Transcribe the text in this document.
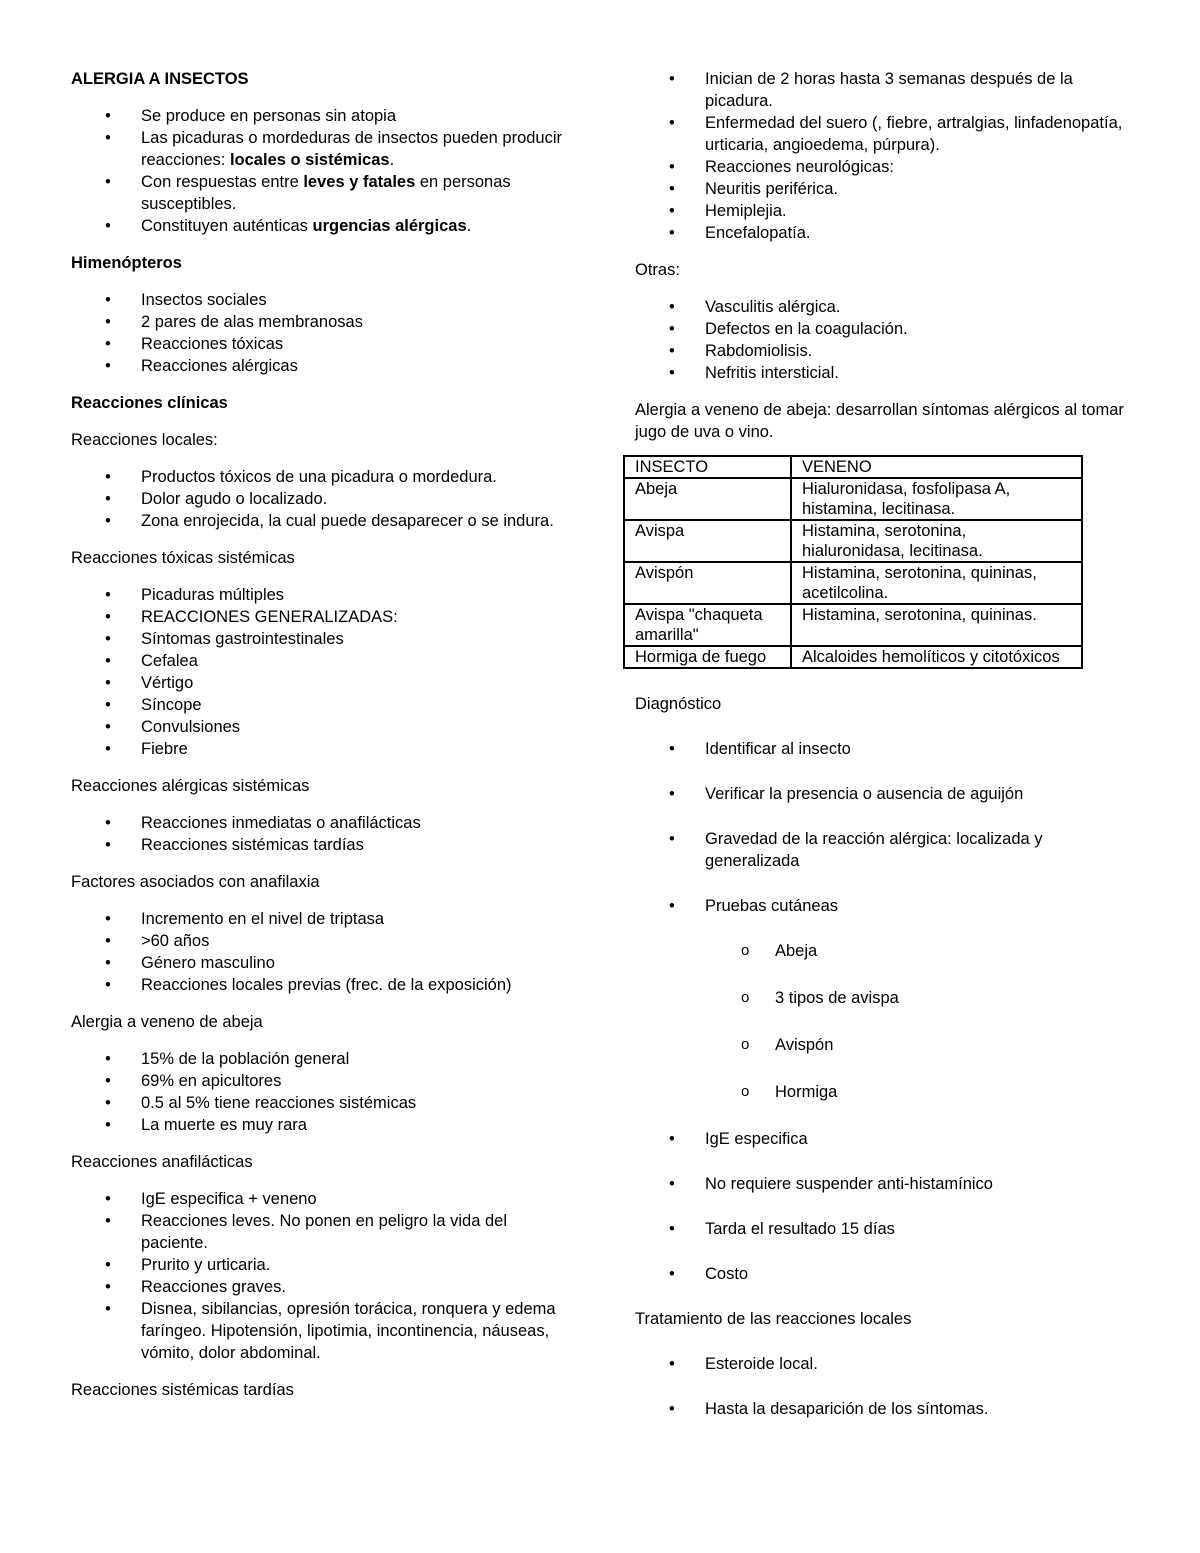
ALERGIA A INSECTOS
• Se produce en personas sin atopia
• Las picaduras o mordeduras de insectos pueden producir reacciones: locales o sistémicas.
• Con respuestas entre leves y fatales en personas susceptibles.
• Constituyen auténticas urgencias alérgicas.
Himenópteros
• Insectos sociales
• 2 pares de alas membranosas
• Reacciones tóxicas
• Reacciones alérgicas
Reacciones clínicas
Reacciones locales:
• Productos tóxicos de una picadura o mordedura.
• Dolor agudo o localizado.
• Zona enrojecida, la cual puede desaparecer o se indura.
Reacciones tóxicas sistémicas
• Picaduras múltiples
• REACCIONES GENERALIZADAS:
• Síntomas gastrointestinales
• Cefalea
• Vértigo
• Síncope
• Convulsiones
• Fiebre
Reacciones alérgicas sistémicas
• Reacciones inmediatas o anafilácticas
• Reacciones sistémicas tardías
Factores asociados con anafilaxia
• Incremento en el nivel de triptasa
• >60 años
• Género masculino
• Reacciones locales previas (frec. de la exposición)
Alergia a veneno de abeja
• 15% de la población general
• 69% en apicultores
• 0.5 al 5% tiene reacciones sistémicas
• La muerte es muy rara
Reacciones anafilácticas
• IgE especifica + veneno
• Reacciones leves. No ponen en peligro la vida del paciente.
• Prurito y urticaria.
• Reacciones graves.
• Disnea, sibilancias, opresión torácica, ronquera y edema faríngeo. Hipotensión, lipotimia, incontinencia, náuseas, vómito, dolor abdominal.
Reacciones sistémicas tardías
• Inician de 2 horas hasta 3 semanas después de la picadura.
• Enfermedad del suero (, fiebre, artralgias, linfadenopatía, urticaria, angioedema, púrpura).
• Reacciones neurológicas:
• Neuritis periférica.
• Hemiplejia.
• Encefalopatía.
Otras:
• Vasculitis alérgica.
• Defectos en la coagulación.
• Rabdomiolisis.
• Nefritis intersticial.
Alergia a veneno de abeja: desarrollan síntomas alérgicos al tomar jugo de uva o vino.
INSECTO	VENENO
Abeja	Hialuronidasa, fosfolipasa A, histamina, lecitinasa.
Avispa	Histamina, serotonina, hialuronidasa, lecitinasa.
Avispón	Histamina, serotonina, quininas, acetilcolina.
Avispa "chaqueta amarilla"	Histamina, serotonina, quininas.
Hormiga de fuego	Alcaloides hemolíticos y citotóxicos
Diagnóstico
• Identificar al insecto
• Verificar la presencia o ausencia de aguijón
• Gravedad de la reacción alérgica: localizada y generalizada
• Pruebas cutáneas
o Abeja
o 3 tipos de avispa
o Avispón
o Hormiga
• IgE especifica
• No requiere suspender anti-histamínico
• Tarda el resultado 15 días
• Costo
Tratamiento de las reacciones locales
• Esteroide local.
• Hasta la desaparición de los síntomas.
